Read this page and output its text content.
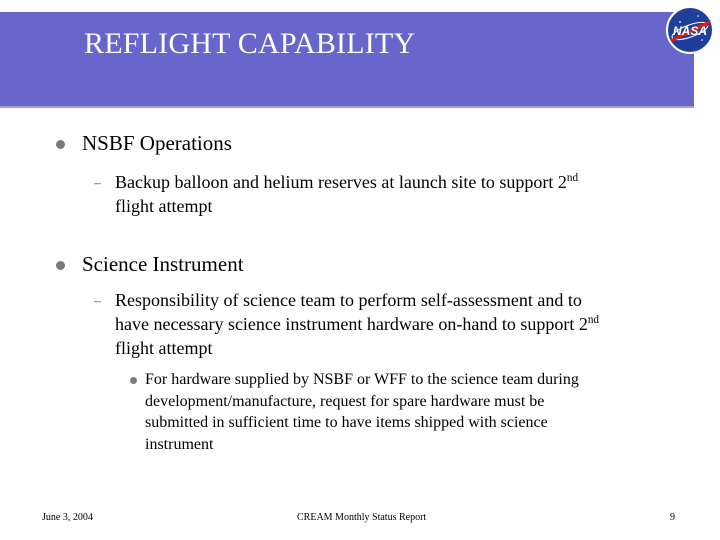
REFLIGHT CAPABILITY	NASA
NSBF Operations
– Backup balloon and helium reserves at launch site to support 2nd
flight attempt
Science Instrument
– Responsibility of science team to perform self-assessment and to
have necessary science instrument hardware on-hand to support 2nd
flight attempt
For hardware supplied by NSBF or WFF to the science team during
development/manufacture, request for spare hardware must be
submitted in sufficient time to have items shipped with science
instrument
June 3, 2004	CREAM Monthly Status Report	9
